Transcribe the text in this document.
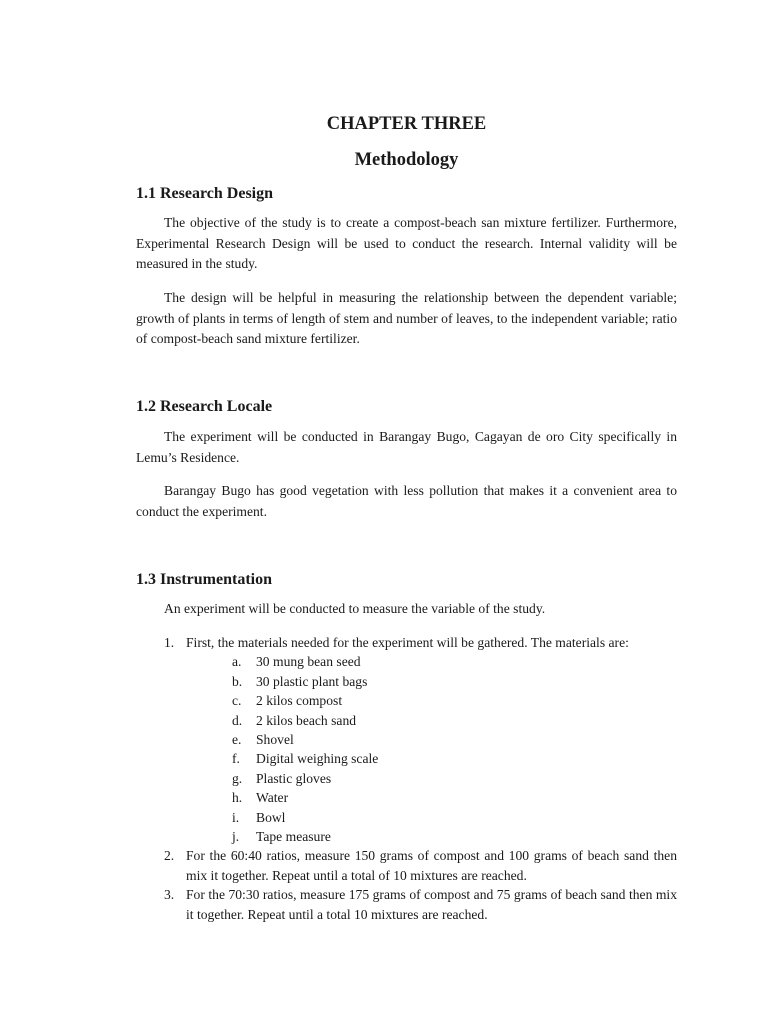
CHAPTER THREE
Methodology
1.1 Research Design

The objective of the study is to create a compost-beach san mixture fertilizer. Furthermore, Experimental Research Design will be used to conduct the research. Internal validity will be measured in the study.

The design will be helpful in measuring the relationship between the dependent variable; growth of plants in terms of length of stem and number of leaves, to the independent variable; ratio of compost-beach sand mixture fertilizer.

1.2 Research Locale

The experiment will be conducted in Barangay Bugo, Cagayan de oro City specifically in Lemu’s Residence.

Barangay Bugo has good vegetation with less pollution that makes it a convenient area to conduct the experiment.

1.3 Instrumentation

An experiment will be conducted to measure the variable of the study.

1. First, the materials needed for the experiment will be gathered. The materials are:
a. 30 mung bean seed
b. 30 plastic plant bags
c. 2 kilos compost
d. 2 kilos beach sand
e. Shovel
f. Digital weighing scale
g. Plastic gloves
h. Water
i. Bowl
j. Tape measure
2. For the 60:40 ratios, measure 150 grams of compost and 100 grams of beach sand then mix it together. Repeat until a total of 10 mixtures are reached.
3. For the 70:30 ratios, measure 175 grams of compost and 75 grams of beach sand then mix it together. Repeat until a total 10 mixtures are reached.
